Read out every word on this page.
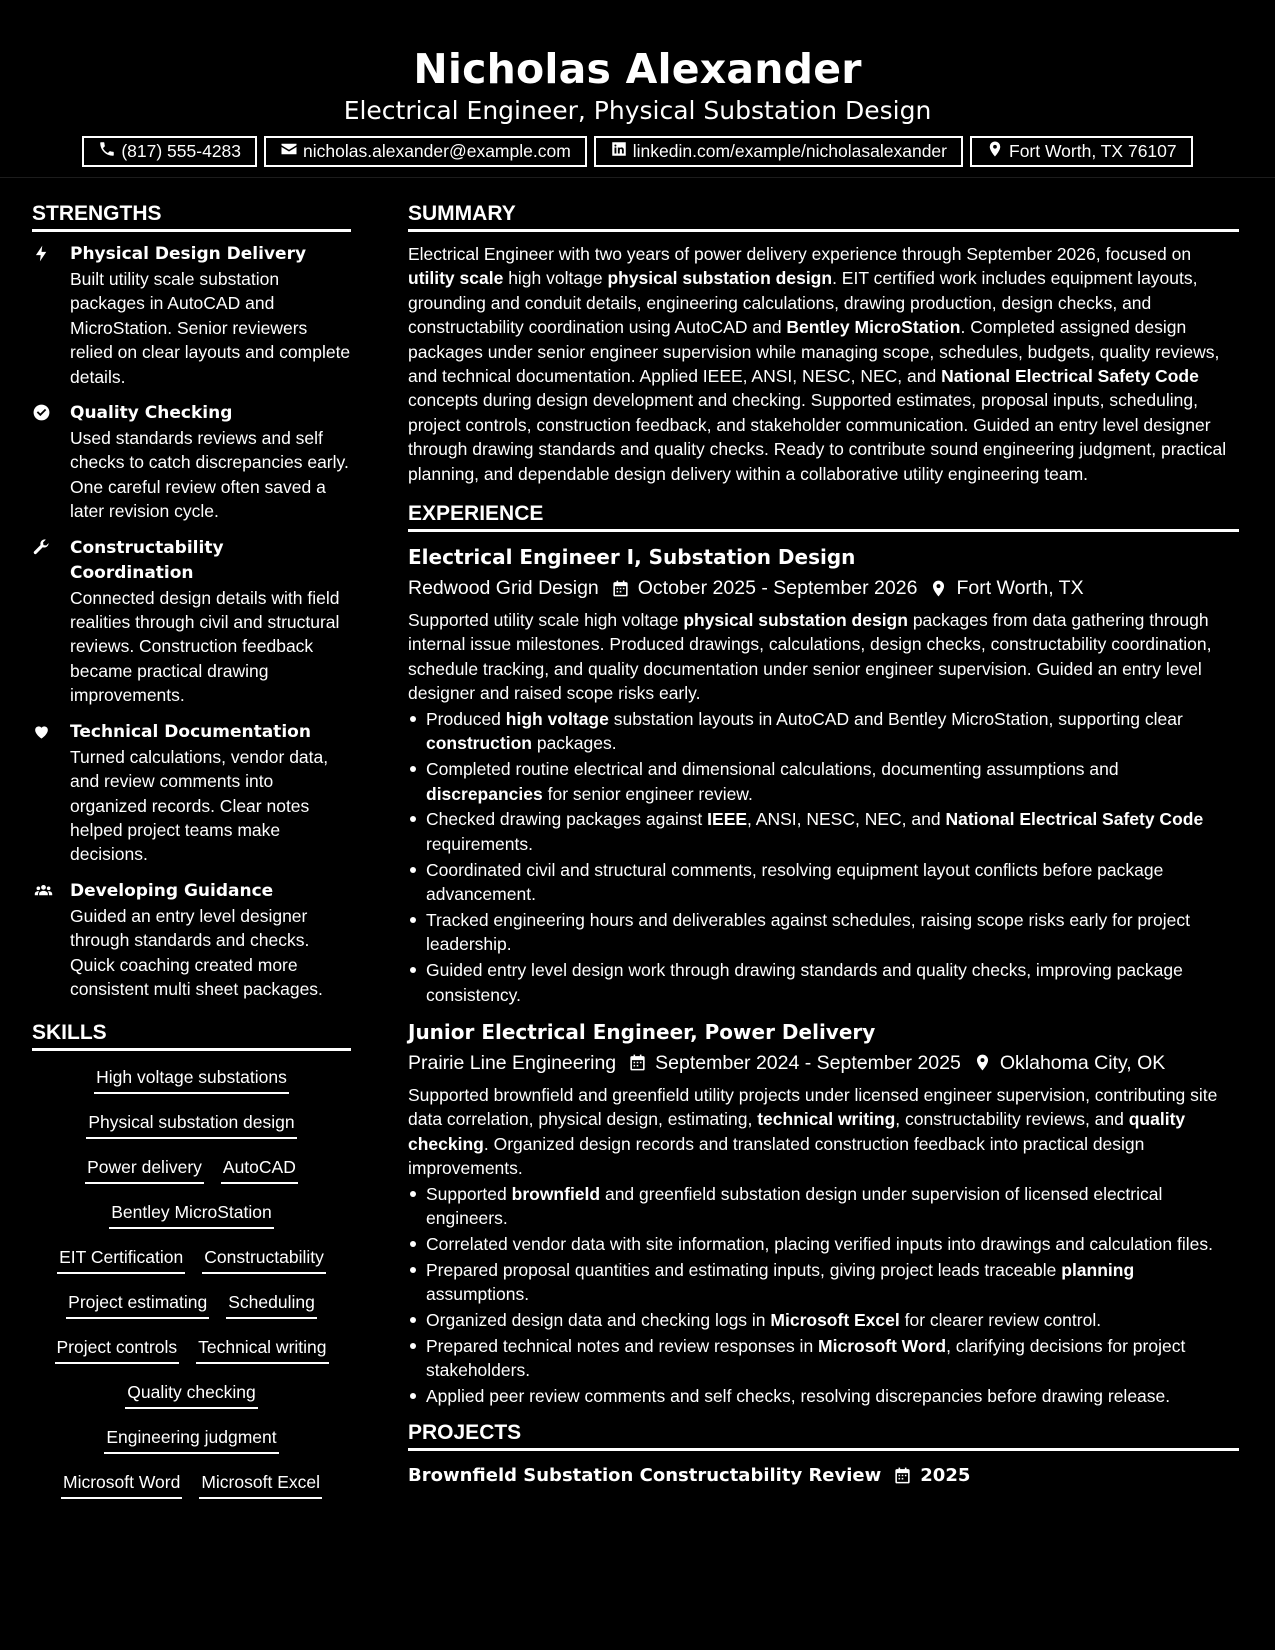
Nicholas Alexander
Electrical Engineer, Physical Substation Design
(817) 555-4283	nicholas.alexander@example.com	linkedin.com/example/nicholasalexander	Fort Worth, TX 76107
STRENGTHS
Physical Design Delivery
Built utility scale substation packages in AutoCAD and MicroStation. Senior reviewers relied on clear layouts and complete details.
Quality Checking
Used standards reviews and self checks to catch discrepancies early. One careful review often saved a later revision cycle.
Constructability Coordination
Connected design details with field realities through civil and structural reviews. Construction feedback became practical drawing improvements.
Technical Documentation
Turned calculations, vendor data, and review comments into organized records. Clear notes helped project teams make decisions.
Developing Guidance
Guided an entry level designer through standards and checks. Quick coaching created more consistent multi sheet packages.
SKILLS
High voltage substations
Physical substation design
Power delivery AutoCAD
Bentley MicroStation
EIT Certification Constructability
Project estimating Scheduling
Project controls Technical writing
Quality checking
Engineering judgment
Microsoft Word Microsoft Excel
SUMMARY
Electrical Engineer with two years of power delivery experience through September 2026, focused on utility scale high voltage physical substation design. EIT certified work includes equipment layouts, grounding and conduit details, engineering calculations, drawing production, design checks, and constructability coordination using AutoCAD and Bentley MicroStation. Completed assigned design packages under senior engineer supervision while managing scope, schedules, budgets, quality reviews, and technical documentation. Applied IEEE, ANSI, NESC, NEC, and National Electrical Safety Code concepts during design development and checking. Supported estimates, proposal inputs, scheduling, project controls, construction feedback, and stakeholder communication. Guided an entry level designer through drawing standards and quality checks. Ready to contribute sound engineering judgment, practical planning, and dependable design delivery within a collaborative utility engineering team.
EXPERIENCE
Electrical Engineer I, Substation Design
Redwood Grid Design October 2025 - September 2026 Fort Worth, TX
Supported utility scale high voltage physical substation design packages from data gathering through internal issue milestones. Produced drawings, calculations, design checks, constructability coordination, schedule tracking, and quality documentation under senior engineer supervision. Guided an entry level designer and raised scope risks early.
Produced high voltage substation layouts in AutoCAD and Bentley MicroStation, supporting clear construction packages.
Completed routine electrical and dimensional calculations, documenting assumptions and discrepancies for senior engineer review.
Checked drawing packages against IEEE, ANSI, NESC, NEC, and National Electrical Safety Code requirements.
Coordinated civil and structural comments, resolving equipment layout conflicts before package advancement.
Tracked engineering hours and deliverables against schedules, raising scope risks early for project leadership.
Guided entry level design work through drawing standards and quality checks, improving package consistency.
Junior Electrical Engineer, Power Delivery
Prairie Line Engineering September 2024 - September 2025 Oklahoma City, OK
Supported brownfield and greenfield utility projects under licensed engineer supervision, contributing site data correlation, physical design, estimating, technical writing, constructability reviews, and quality checking. Organized design records and translated construction feedback into practical design improvements.
Supported brownfield and greenfield substation design under supervision of licensed electrical engineers.
Correlated vendor data with site information, placing verified inputs into drawings and calculation files.
Prepared proposal quantities and estimating inputs, giving project leads traceable planning assumptions.
Organized design data and checking logs in Microsoft Excel for clearer review control.
Prepared technical notes and review responses in Microsoft Word, clarifying decisions for project stakeholders.
Applied peer review comments and self checks, resolving discrepancies before drawing release.
PROJECTS
Brownfield Substation Constructability Review 2025
